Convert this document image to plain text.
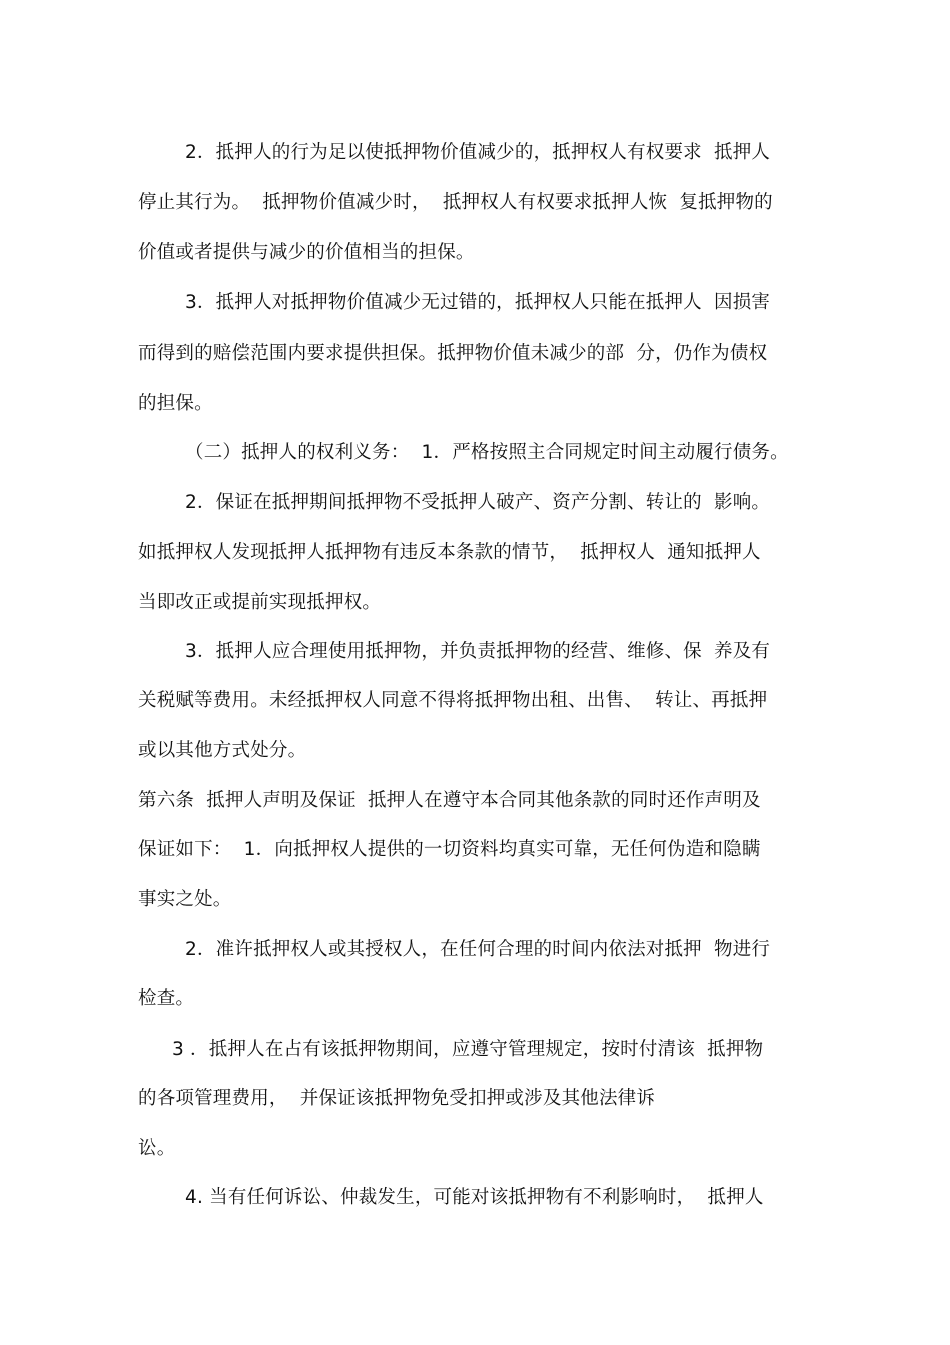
2．抵押人的行为足以使抵押物价值减少的，抵押权人有权要求  抵押人
停止其行为。  抵押物价值减少时，  抵押权人有权要求抵押人恢  复抵押物的
价值或者提供与减少的价值相当的担保。
3．抵押人对抵押物价值减少无过错的，抵押权人只能在抵押人  因损害
而得到的赔偿范围内要求提供担保。抵押物价值未减少的部  分，仍作为债权
的担保。
（二）抵押人的权利义务：  1．严格按照主合同规定时间主动履行债务。
2．保证在抵押期间抵押物不受抵押人破产、资产分割、转让的  影响。
如抵押权人发现抵押人抵押物有违反本条款的情节，  抵押权人  通知抵押人
当即改正或提前实现抵押权。
3．抵押人应合理使用抵押物，并负责抵押物的经营、维修、保  养及有
关税赋等费用。未经抵押权人同意不得将抵押物出租、出售、  转让、再抵押
或以其他方式处分。
第六条  抵押人声明及保证  抵押人在遵守本合同其他条款的同时还作声明及
保证如下：  1．向抵押权人提供的一切资料均真实可靠，无任何伪造和隐瞒
事实之处。
2．准许抵押权人或其授权人，在任何合理的时间内依法对抵押  物进行
检查。
3 ．抵押人在占有该抵押物期间，应遵守管理规定，按时付清该  抵押物
的各项管理费用，  并保证该抵押物免受扣押或涉及其他法律诉
讼。
4. 当有任何诉讼、仲裁发生，可能对该抵押物有不利影响时，  抵押人
